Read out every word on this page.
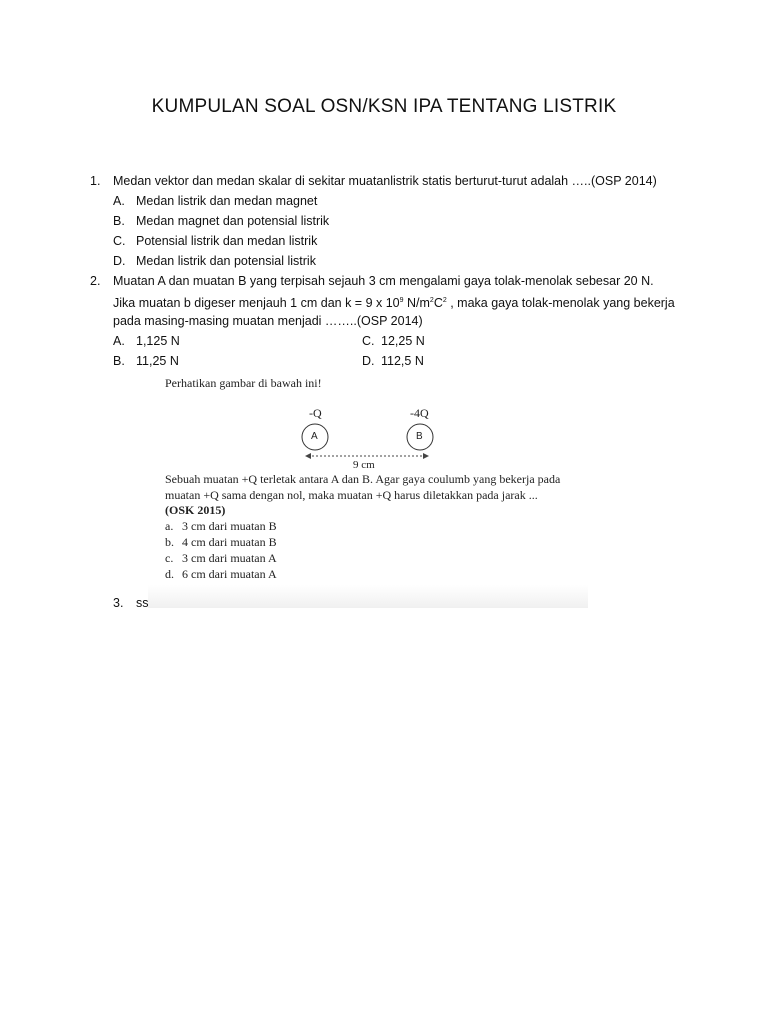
KUMPULAN SOAL OSN/KSN IPA TENTANG LISTRIK
1. Medan vektor dan medan skalar di sekitar muatanlistrik statis berturut-turut adalah …..(OSP 2014)
A. Medan listrik dan medan magnet
B. Medan magnet dan potensial listrik
C. Potensial listrik dan medan listrik
D. Medan listrik dan potensial listrik
2. Muatan A dan muatan B yang terpisah sejauh 3 cm mengalami gaya tolak-menolak sebesar 20 N.
Jika muatan b digeser menjauh 1 cm dan k = 9 x $10^9$ $N/m^2C^2$ , maka gaya tolak-menolak yang bekerja
pada masing-masing muatan menjadi ……..(OSP 2014)
A. 1,125 N	C. 12,25 N
B. 11,25 N	D. 112,5 N
Perhatikan gambar di bawah ini!
-Q
A
-4Q
B
9 cm
Sebuah muatan +Q terletak antara A dan B. Agar gaya coulumb yang bekerja pada
muatan +Q sama dengan nol, maka muatan +Q harus diletakkan pada jarak ...
(OSK 2015)
a. 3 cm dari muatan B
b. 4 cm dari muatan B
c. 3 cm dari muatan A
d. 6 cm dari muatan A
3. ss
